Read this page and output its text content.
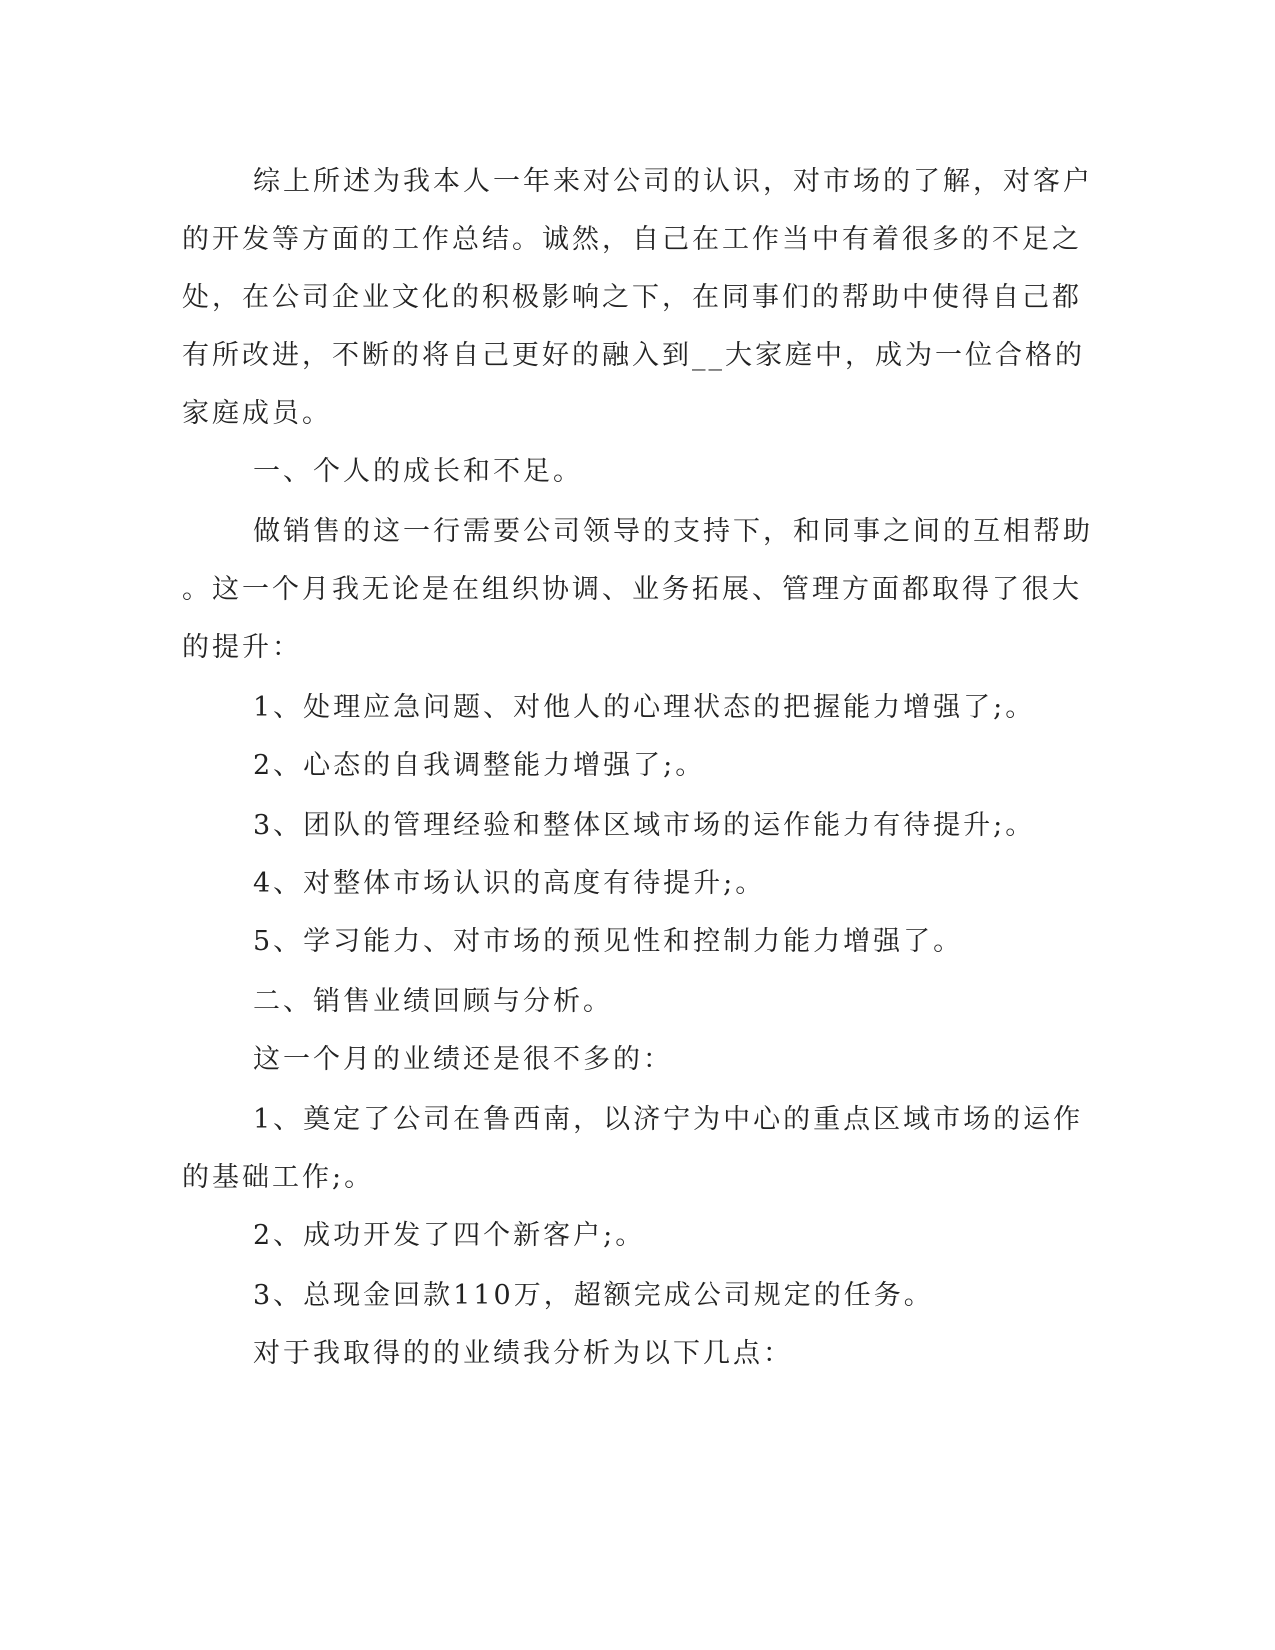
综上所述为我本人一年来对公司的认识，对市场的了解，对客户

的开发等方面的工作总结。诚然，自己在工作当中有着很多的不足之

处，在公司企业文化的积极影响之下，在同事们的帮助中使得自己都

有所改进，不断的将自己更好的融入到__大家庭中，成为一位合格的

家庭成员。

一、个人的成长和不足。

做销售的这一行需要公司领导的支持下，和同事之间的互相帮助

。这一个月我无论是在组织协调、业务拓展、管理方面都取得了很大

的提升：

1、处理应急问题、对他人的心理状态的把握能力增强了;。

2、心态的自我调整能力增强了;。

3、团队的管理经验和整体区域市场的运作能力有待提升;。

4、对整体市场认识的高度有待提升;。

5、学习能力、对市场的预见性和控制力能力增强了。

二、销售业绩回顾与分析。

这一个月的业绩还是很不多的：

1、奠定了公司在鲁西南，以济宁为中心的重点区域市场的运作

的基础工作;。

2、成功开发了四个新客户;。

3、总现金回款110万，超额完成公司规定的任务。

对于我取得的的业绩我分析为以下几点：
